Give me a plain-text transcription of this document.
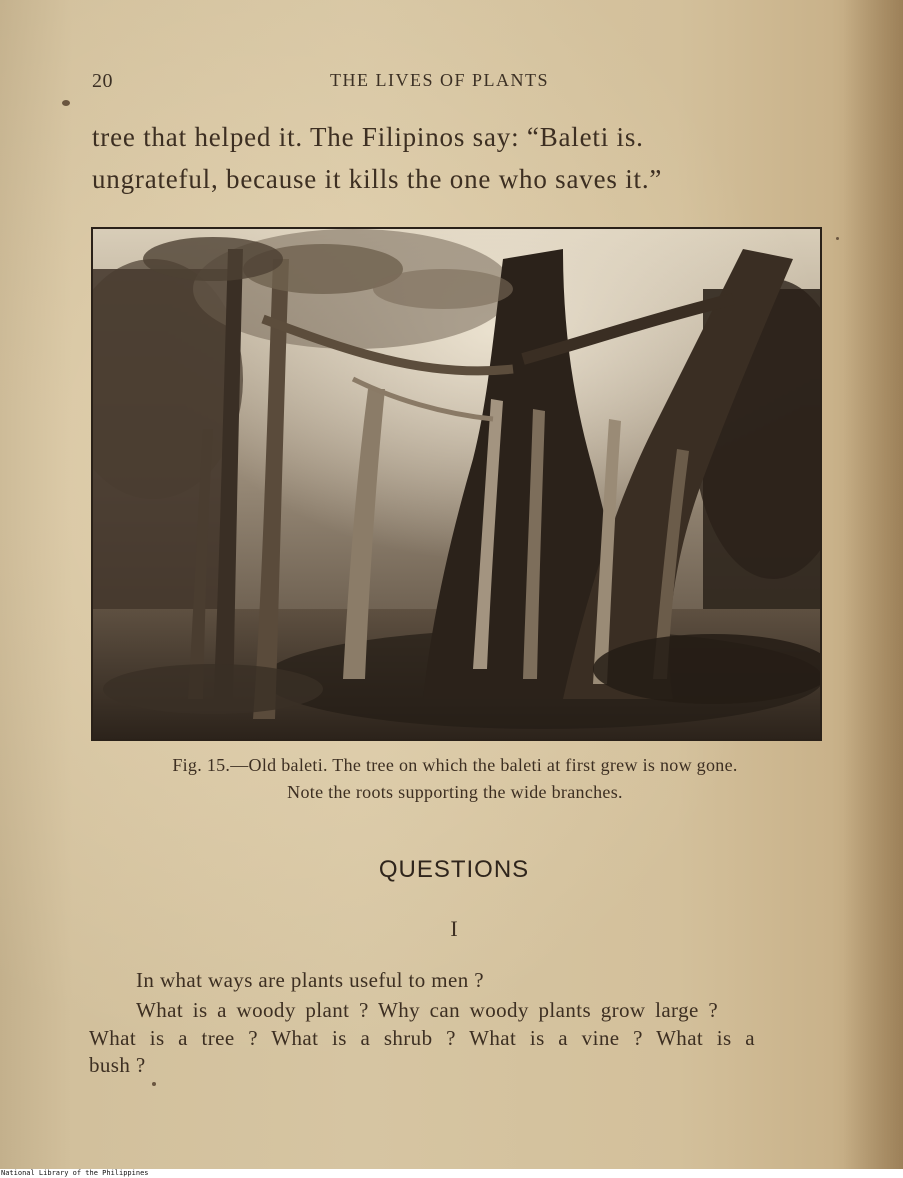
20	THE LIVES OF PLANTS
tree that helped it. The Filipinos say: “Baleti is.
ungrateful, because it kills the one who saves it.”
Fig. 15.—Old baleti. The tree on which the baleti at first grew is now gone.
Note the roots supporting the wide branches.
QUESTIONS
I
In what ways are plants useful to men ?
What is a woody plant ? Why can woody plants grow large ?
What is a tree ? What is a shrub ? What is a vine ? What is a
bush ?
National Library of the Philippines
